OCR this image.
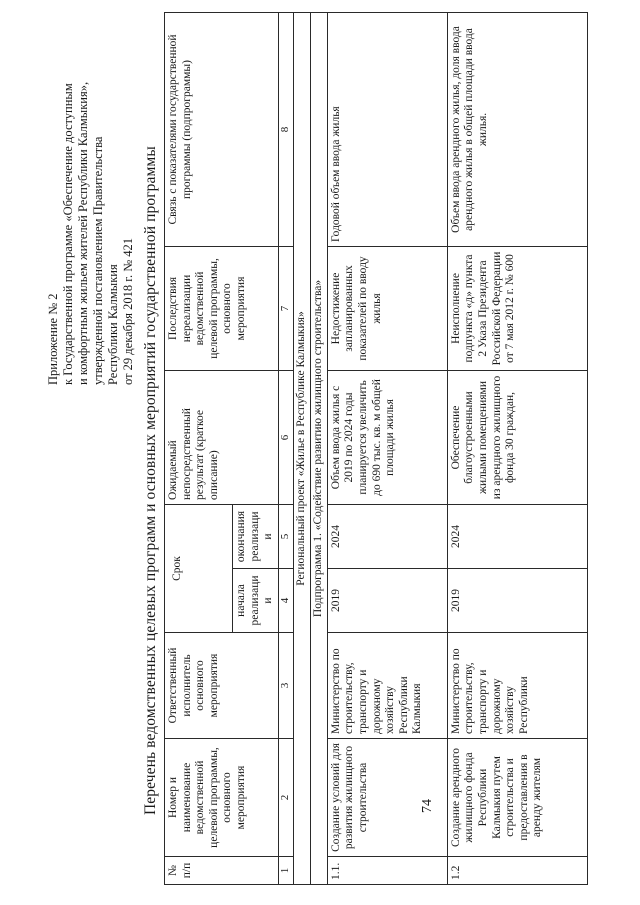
Приложение № 2 к Государственной программе «Обеспечение доступным и комфортным жильем жителей Республики Калмыкия», утвержденной постановлением Правительства Республики Калмыкия от 29 декабря 2018 г. № 421 Перечень ведомственных целевых программ и основных мероприятий государственной программы
№ п/п	Номер и наименование ведомственной целевой программы, основного мероприятия	Ответственный исполнитель основного мероприятия	Срок		Ожидаемый непосредственный результат (краткое описание)	Последствия нереализации ведомственной целевой программы, основного мероприятия	Связь с показателями государственной программы (подпрограммы)
			начала реализаци и	окончания реализаци и			
1	2	3	4	5	6	7	8
Региональный проект «Жилье в Республике Калмыкия»							
Подпрограмма 1. «Содействие развитию жилищного строительства»							
1.1.	Создание условий для развития жилищного строительства	Министерство по строительству, транспорту и дорожному хозяйству Республики Калмыкия	2019	2024	Объем ввода жилья с 2019 по 2024 годы планируется увеличить до 690 тыс. кв. м общей площади жилья	Недостижение запланированных показателей по вводу жилья	Годовой объем ввода жилья
1.2	Создание арендного жилищного фонда Республики Калмыкия путем строительства и предоставления в аренду жителям	Министерство по строительству, транспорту и дорожному хозяйству Республики	2019	2024	Обеспечение благоустроенными жилыми помещениями из арендного жилищного фонда 30 граждан,	Неисполнение подпункта «д» пункта 2 Указа Президента Российской Федерации от 7 мая 2012 г. № 600	Объем ввода арендного жилья, доля ввода арендного жилья в общей площади ввода жилья.
74
